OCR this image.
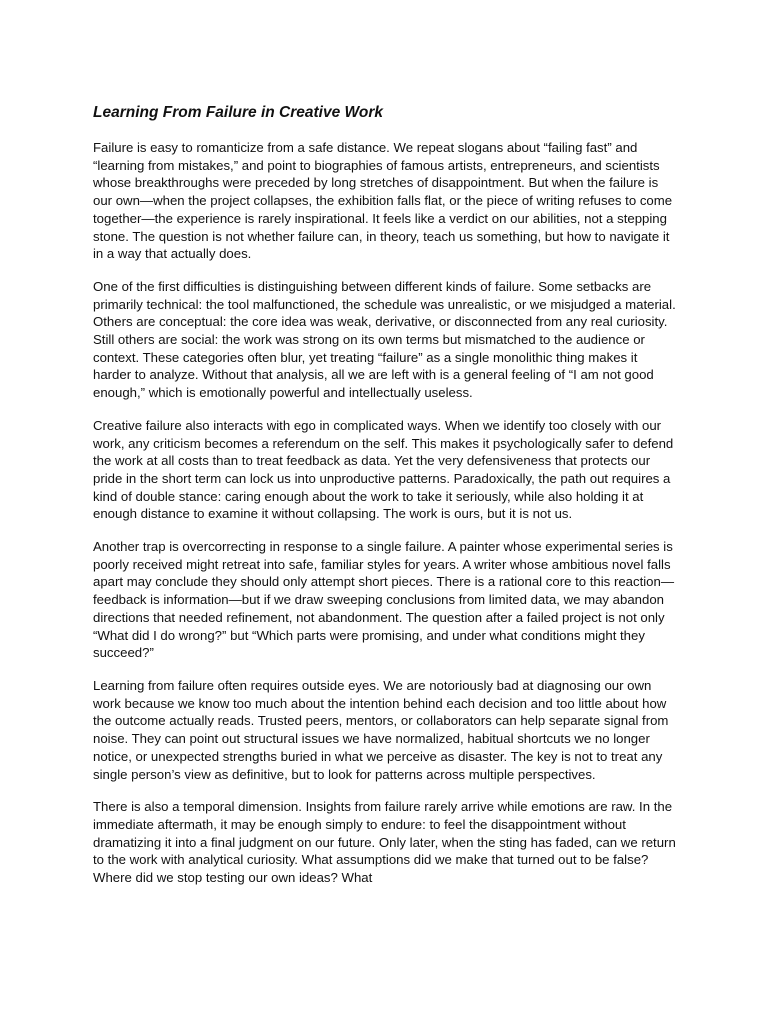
Learning From Failure in Creative Work

Failure is easy to romanticize from a safe distance. We repeat slogans about “failing fast” and “learning from mistakes,” and point to biographies of famous artists, entrepreneurs, and scientists whose breakthroughs were preceded by long stretches of disappointment. But when the failure is our own—when the project collapses, the exhibition falls flat, or the piece of writing refuses to come together—the experience is rarely inspirational. It feels like a verdict on our abilities, not a stepping stone. The question is not whether failure can, in theory, teach us something, but how to navigate it in a way that actually does.

One of the first difficulties is distinguishing between different kinds of failure. Some setbacks are primarily technical: the tool malfunctioned, the schedule was unrealistic, or we misjudged a material. Others are conceptual: the core idea was weak, derivative, or disconnected from any real curiosity. Still others are social: the work was strong on its own terms but mismatched to the audience or context. These categories often blur, yet treating “failure” as a single monolithic thing makes it harder to analyze. Without that analysis, all we are left with is a general feeling of “I am not good enough,” which is emotionally powerful and intellectually useless.

Creative failure also interacts with ego in complicated ways. When we identify too closely with our work, any criticism becomes a referendum on the self. This makes it psychologically safer to defend the work at all costs than to treat feedback as data. Yet the very defensiveness that protects our pride in the short term can lock us into unproductive patterns. Paradoxically, the path out requires a kind of double stance: caring enough about the work to take it seriously, while also holding it at enough distance to examine it without collapsing. The work is ours, but it is not us.

Another trap is overcorrecting in response to a single failure. A painter whose experimental series is poorly received might retreat into safe, familiar styles for years. A writer whose ambitious novel falls apart may conclude they should only attempt short pieces. There is a rational core to this reaction—feedback is information—but if we draw sweeping conclusions from limited data, we may abandon directions that needed refinement, not abandonment. The question after a failed project is not only “What did I do wrong?” but “Which parts were promising, and under what conditions might they succeed?”

Learning from failure often requires outside eyes. We are notoriously bad at diagnosing our own work because we know too much about the intention behind each decision and too little about how the outcome actually reads. Trusted peers, mentors, or collaborators can help separate signal from noise. They can point out structural issues we have normalized, habitual shortcuts we no longer notice, or unexpected strengths buried in what we perceive as disaster. The key is not to treat any single person’s view as definitive, but to look for patterns across multiple perspectives.

There is also a temporal dimension. Insights from failure rarely arrive while emotions are raw. In the immediate aftermath, it may be enough simply to endure: to feel the disappointment without dramatizing it into a final judgment on our future. Only later, when the sting has faded, can we return to the work with analytical curiosity. What assumptions did we make that turned out to be false? Where did we stop testing our own ideas? What
